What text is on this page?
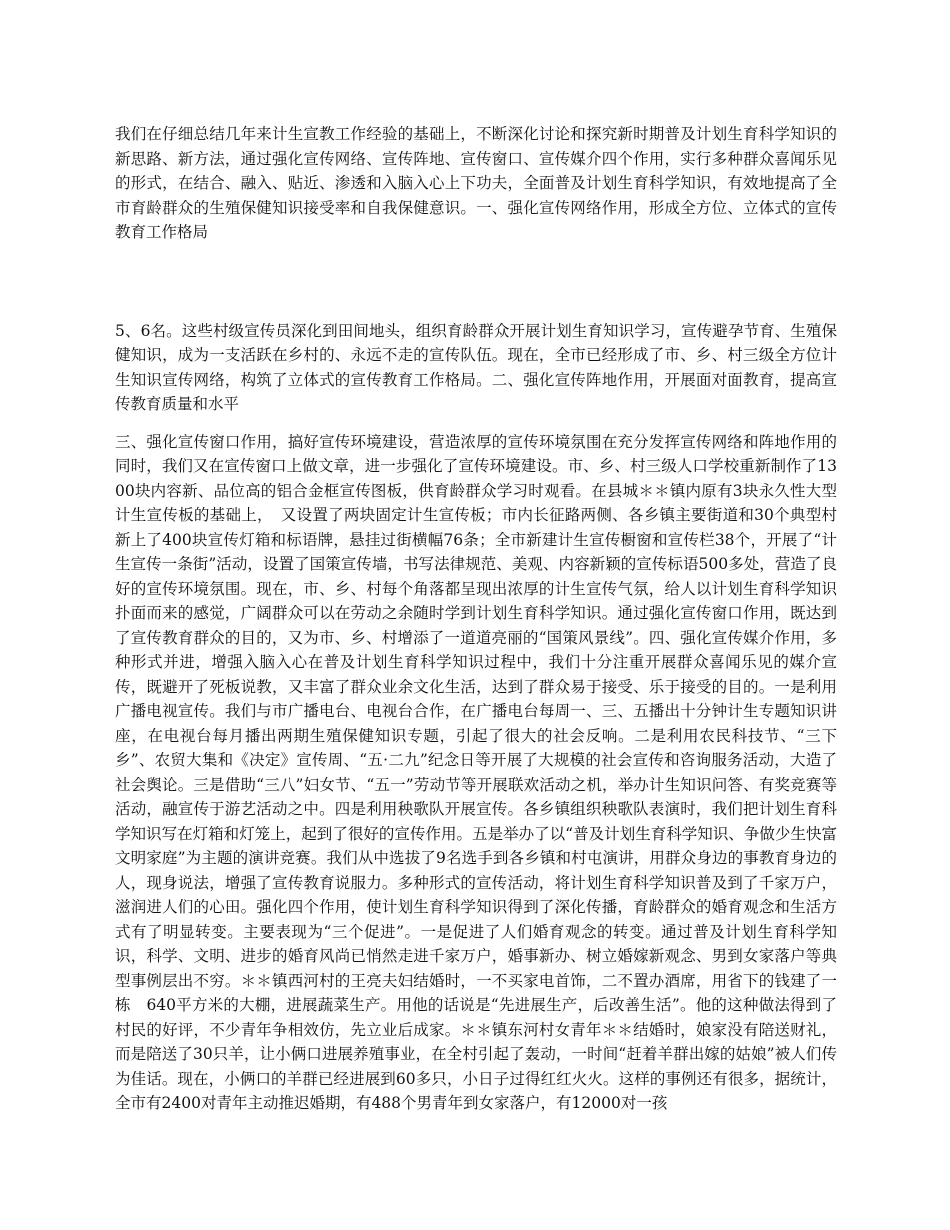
我们在仔细总结几年来计生宣教工作经验的基础上，不断深化讨论和探究新时期普及计划生育科学知识的新思路、新方法，通过强化宣传网络、宣传阵地、宣传窗口、宣传媒介四个作用，实行多种群众喜闻乐见的形式，在结合、融入、贴近、渗透和入脑入心上下功夫，全面普及计划生育科学知识，有效地提高了全市育龄群众的生殖保健知识接受率和自我保健意识。一、强化宣传网络作用，形成全方位、立体式的宣传教育工作格局

5、6名。这些村级宣传员深化到田间地头，组织育龄群众开展计划生育知识学习，宣传避孕节育、生殖保健知识，成为一支活跃在乡村的、永远不走的宣传队伍。现在，全市已经形成了市、乡、村三级全方位计生知识宣传网络，构筑了立体式的宣传教育工作格局。二、强化宣传阵地作用，开展面对面教育，提高宣传教育质量和水平

三、强化宣传窗口作用，搞好宣传环境建设，营造浓厚的宣传环境氛围在充分发挥宣传网络和阵地作用的同时，我们又在宣传窗口上做文章，进一步强化了宣传环境建设。市、乡、村三级人口学校重新制作了1300块内容新、品位高的铝合金框宣传图板，供育龄群众学习时观看。在县城＊＊镇内原有3块永久性大型计生宣传板的基础上，　又设置了两块固定计生宣传板；市内长征路两侧、各乡镇主要街道和30个典型村新上了400块宣传灯箱和标语牌，悬挂过街横幅76条；全市新建计生宣传橱窗和宣传栏38个，开展了“计生宣传一条街”活动，设置了国策宣传墙，书写法律规范、美观、内容新颖的宣传标语500多处，营造了良好的宣传环境氛围。现在，市、乡、村每个角落都呈现出浓厚的计生宣传气氛，给人以计划生育科学知识扑面而来的感觉，广阔群众可以在劳动之余随时学到计划生育科学知识。通过强化宣传窗口作用，既达到了宣传教育群众的目的，又为市、乡、村增添了一道道亮丽的“国策风景线”。四、强化宣传媒介作用，多种形式并进，增强入脑入心在普及计划生育科学知识过程中，我们十分注重开展群众喜闻乐见的媒介宣传，既避开了死板说教，又丰富了群众业余文化生活，达到了群众易于接受、乐于接受的目的。一是利用广播电视宣传。我们与市广播电台、电视台合作，在广播电台每周一、三、五播出十分钟计生专题知识讲座，在电视台每月播出两期生殖保健知识专题，引起了很大的社会反响。二是利用农民科技节、“三下乡”、农贸大集和《决定》宣传周、“五·二九”纪念日等开展了大规模的社会宣传和咨询服务活动，大造了社会舆论。三是借助“三八”妇女节、“五一”劳动节等开展联欢活动之机，举办计生知识问答、有奖竞赛等活动，融宣传于游艺活动之中。四是利用秧歌队开展宣传。各乡镇组织秧歌队表演时，我们把计划生育科学知识写在灯箱和灯笼上，起到了很好的宣传作用。五是举办了以“普及计划生育科学知识、争做少生快富文明家庭”为主题的演讲竞赛。我们从中选拔了9名选手到各乡镇和村屯演讲，用群众身边的事教育身边的人，现身说法，增强了宣传教育说服力。多种形式的宣传活动，将计划生育科学知识普及到了千家万户，滋润进人们的心田。强化四个作用，使计划生育科学知识得到了深化传播，育龄群众的婚育观念和生活方式有了明显转变。主要表现为“三个促进”。一是促进了人们婚育观念的转变。通过普及计划生育科学知识，科学、文明、进步的婚育风尚已悄然走进千家万户，婚事新办、树立婚嫁新观念、男到女家落户等典型事例层出不穷。＊＊镇西河村的王亮夫妇结婚时，一不买家电首饰，二不置办酒席，用省下的钱建了一栋　640平方米的大棚，进展蔬菜生产。用他的话说是“先进展生产，后改善生活”。他的这种做法得到了村民的好评，不少青年争相效仿，先立业后成家。＊＊镇东河村女青年＊＊结婚时，娘家没有陪送财礼，而是陪送了30只羊，让小俩口进展养殖事业，在全村引起了轰动，一时间“赶着羊群出嫁的姑娘”被人们传为佳话。现在，小俩口的羊群已经进展到60多只，小日子过得红红火火。这样的事例还有很多，据统计，全市有2400对青年主动推迟婚期，有488个男青年到女家落户，有12000对一孩
